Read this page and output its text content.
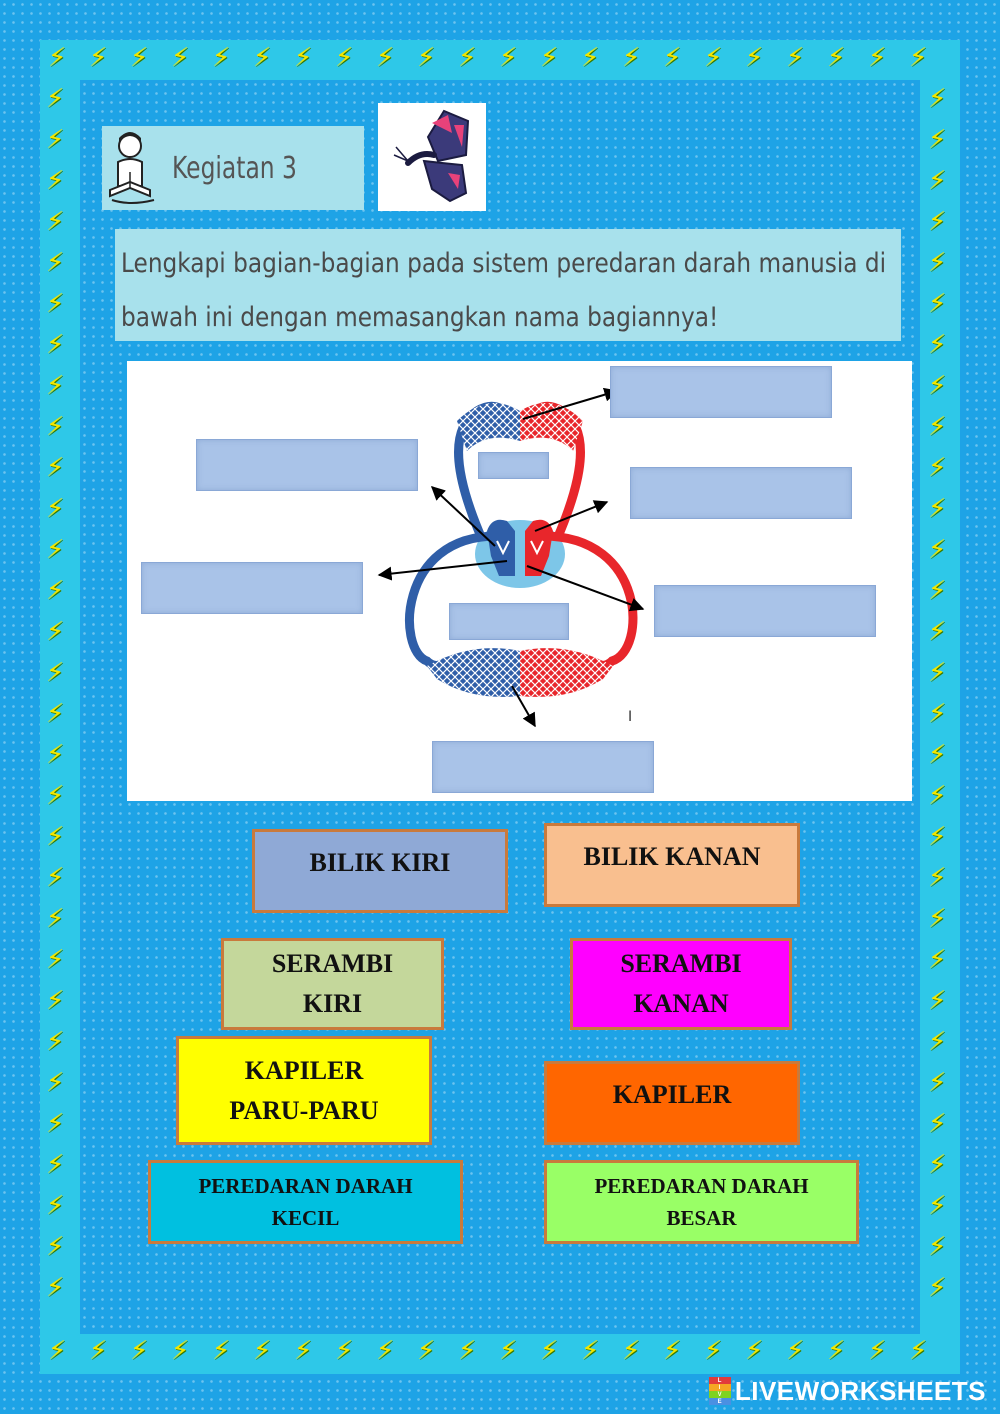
⚡
⚡
⚡
⚡
⚡
⚡
⚡
⚡
⚡
⚡
⚡
⚡
⚡
⚡
⚡
⚡
⚡
⚡
⚡
⚡
⚡
⚡
⚡
⚡
⚡
⚡
⚡
⚡
⚡
⚡
⚡
⚡
⚡
⚡
⚡
⚡
⚡
⚡
⚡
⚡
⚡
⚡
⚡
⚡
⚡	⚡
⚡	⚡
⚡	⚡
⚡	⚡
⚡	⚡
⚡	⚡
⚡	⚡
⚡	⚡
⚡	⚡
⚡	⚡
⚡	⚡
⚡	⚡
⚡	⚡
⚡	⚡
⚡	⚡
⚡	⚡
⚡	⚡
⚡	⚡
⚡	⚡
⚡	⚡
⚡	⚡
⚡	⚡
⚡	⚡
⚡	⚡
⚡	⚡
⚡	⚡
⚡	⚡
⚡	⚡
⚡	⚡
⚡	⚡
Kegiatan 3
Lengkapi bagian-bagian pada sistem peredaran darah manusia di
bawah ini dengan memasangkan nama bagiannya!
I
BILIK KIRI	BILIK KANAN
SERAMBI KIRI
SERAMBI KANAN
KAPILER PARU-PARU
KAPILER
PEREDARAN DARAH KECIL
PEREDARAN DARAH BESAR
L
I
V
E LIVEWORKSHEETS
